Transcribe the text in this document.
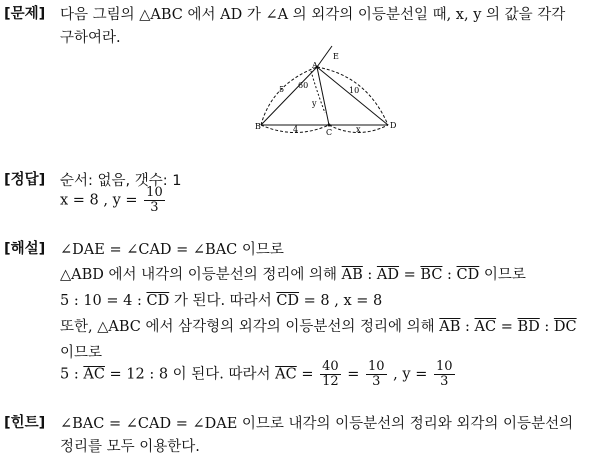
[문제] 다음 그림의 △ABC 에서 AD 가 ∠A 의 외각의 이등분선일 때, x, y 의 값을 각각
구하여라.
A
B
C
D
E
5	10
4
60
y
x
[정답] 순서: 없음, 갯수: 1
x = 8 , $y = \frac{10}{3}$
[해설] ∠DAE = ∠CAD = ∠BAC 이므로
△ABD 에서 내각의 이등분선의 정리에 의해 $\overline{AB}$ : $\overline{AD} = \overline{BC}$ : $\overline{CD}$ 이므로
5 : 10 = 4 : $\overline{CD}$ 가 된다. 따라서 $\overline{CD} = 8$ , x = 8
또한, △ABC 에서 삼각형의 외각의 이등분선의 정리에 의해 $\overline{AB}$ : $\overline{AC} = \overline{BD}$ : $\overline{DC}$
이므로
5 : $\overline{AC} = 12$ : 8 이 된다. 따라서 $\overline{AC} = \frac{40}{12} = \frac{10}{3}$ , $y = \frac{10}{3}$
[힌트] ∠BAC = ∠CAD = ∠DAE 이므로 내각의 이등분선의 정리와 외각의 이등분선의
정리를 모두 이용한다.
